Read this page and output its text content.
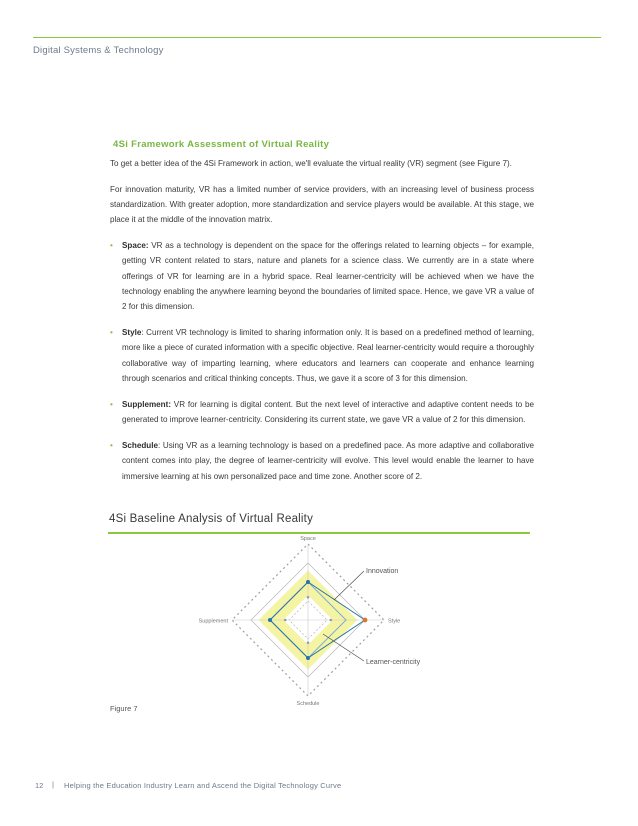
Digital Systems & Technology
4Si Framework Assessment of Virtual Reality

To get a better idea of the 4Si Framework in action, we'll evaluate the virtual reality (VR) segment (see Figure 7).

For innovation maturity, VR has a limited number of service providers, with an increasing level of business process standardization. With greater adoption, more standardization and service players would be available. At this stage, we place it at the middle of the innovation matrix.

• Space: VR as a technology is dependent on the space for the offerings related to learning objects – for example, getting VR content related to stars, nature and planets for a science class. We currently are in a state where offerings of VR for learning are in a hybrid space. Real learner-centricity will be achieved when we have the technology enabling the anywhere learning beyond the boundaries of limited space. Hence, we gave VR a value of 2 for this dimension.
• Style: Current VR technology is limited to sharing information only. It is based on a predefined method of learning, more like a piece of curated information with a specific objective. Real learner-centricity would require a thoroughly collaborative way of imparting learning, where educators and learners can cooperate and enhance learning through scenarios and critical thinking concepts. Thus, we gave it a score of 3 for this dimension.
• Supplement: VR for learning is digital content. But the next level of interactive and adaptive content needs to be generated to improve learner-centricity. Considering its current state, we gave VR a value of 2 for this dimension.
• Schedule: Using VR as a learning technology is based on a predefined pace. As more adaptive and collaborative content comes into play, the degree of learner-centricity will evolve. This level would enable the learner to have immersive learning at his own personalized pace and time zone. Another score of 2.
4Si Baseline Analysis of Virtual Reality
Space
Style
Schedule
Supplement
Innovation
Learner-centricity
Figure 7
12 | Helping the Education Industry Learn and Ascend the Digital Technology Curve
